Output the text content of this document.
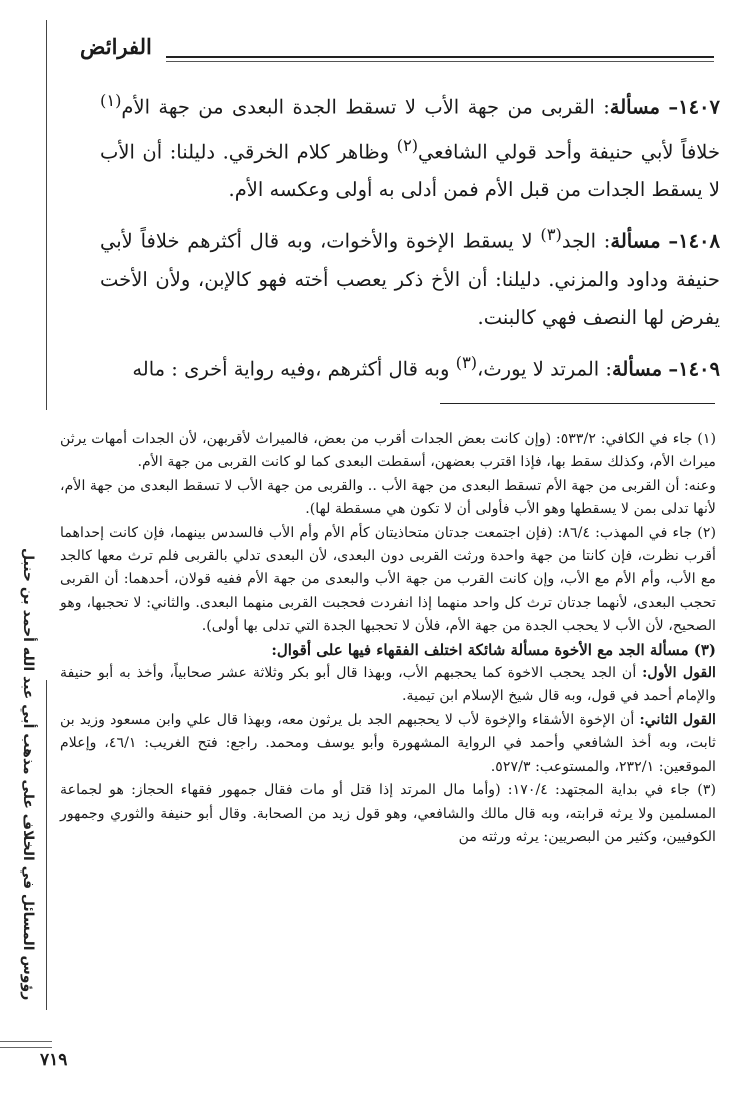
الفرائض
رؤوس المسائل في الخلاف على مذهب أبي عبد الله أحمد بن حنبل

١٤٠٧– مسألة: القربى من جهة الأب لا تسقط الجدة البعدى من جهة الأم$^{(١)}$ خلافاً لأبي حنيفة وأحد قولي الشافعي$^{(٢)}$ وظاهر كلام الخرقي. دليلنا: أن الأب لا يسقط الجدات من قبل الأم فمن أدلى به أولى وعكسه الأم.

١٤٠٨– مسألة: الجد$^{(٣)}$ لا يسقط الإخوة والأخوات، وبه قال أكثرهم خلافاً لأبي حنيفة وداود والمزني. دليلنا: أن الأخ ذكر يعصب أخته فهو كالإبن، ولأن الأخت يفرض لها النصف فهي كالبنت.

١٤٠٩– مسألة: المرتد لا يورث،$^{(٣)}$ وبه قال أكثرهم ،وفيه رواية أخرى : ماله

(١) جاء في الكافي: ٥٣٣/٢: (وإن كانت بعض الجدات أقرب من بعض، فالميراث لأقربهن، لأن الجدات أمهات يرثن ميراث الأم، وكذلك سقط بها، فإذا اقترب بعضهن، أسقطت البعدى كما لو كانت القربى من جهة الأم.

وعنه: أن القربى من جهة الأم تسقط البعدى من جهة الأب .. والقربى من جهة الأب لا تسقط البعدى من جهة الأم، لأنها تدلى بمن لا يسقطها وهو الأب فأولى أن لا تكون هي مسقطة لها).

(٢) جاء في المهذب: ٨٦/٤: (فإن اجتمعت جدتان متحاذيتان كأم الأم وأم الأب فالسدس بينهما، فإن كانت إحداهما أقرب نظرت، فإن كانتا من جهة واحدة ورثت القربى دون البعدى، لأن البعدى تدلي بالقربى فلم ترث معها كالجد مع الأب، وأم الأم مع الأب، وإن كانت القرب من جهة الأب والبعدى من جهة الأم ففيه قولان، أحدهما: أن القربى تحجب البعدى، لأنهما جدتان ترث كل واحد منهما إذا انفردت فحجبت القربى منهما البعدى. والثاني: لا تحجبها، وهو الصحيح، لأن الأب لا يحجب الجدة من جهة الأم، فلأن لا تحجبها الجدة التي تدلى بها أولى).

(٣) مسألة الجد مع الأخوة مسألة شائكة اختلف الفقهاء فيها على أقوال:

القول الأول: أن الجد يحجب الاخوة كما يحجبهم الأب، وبهذا قال أبو بكر وثلاثة عشر صحابياً، وأخذ به أبو حنيفة والإمام أحمد في قول، وبه قال شيخ الإسلام ابن تيمية.

القول الثاني: أن الإخوة الأشقاء والإخوة لأب لا يحجبهم الجد بل يرثون معه، وبهذا قال علي وابن مسعود وزيد بن ثابت، وبه أخذ الشافعي وأحمد في الرواية المشهورة وأبو يوسف ومحمد. راجع: فتح الغريب: ٤٦/١، وإعلام الموقعين: ٢٣٢/١، والمستوعب: ٥٢٧/٣.

(٣) جاء في بداية المجتهد: ١٧٠/٤: (وأما مال المرتد إذا قتل أو مات فقال جمهور فقهاء الحجاز: هو لجماعة المسلمين ولا يرثه قرابته، وبه قال مالك والشافعي، وهو قول زيد من الصحابة. وقال أبو حنيفة والثوري وجمهور الكوفيين، وكثير من البصريين: يرثه ورثته من

٧١٩
